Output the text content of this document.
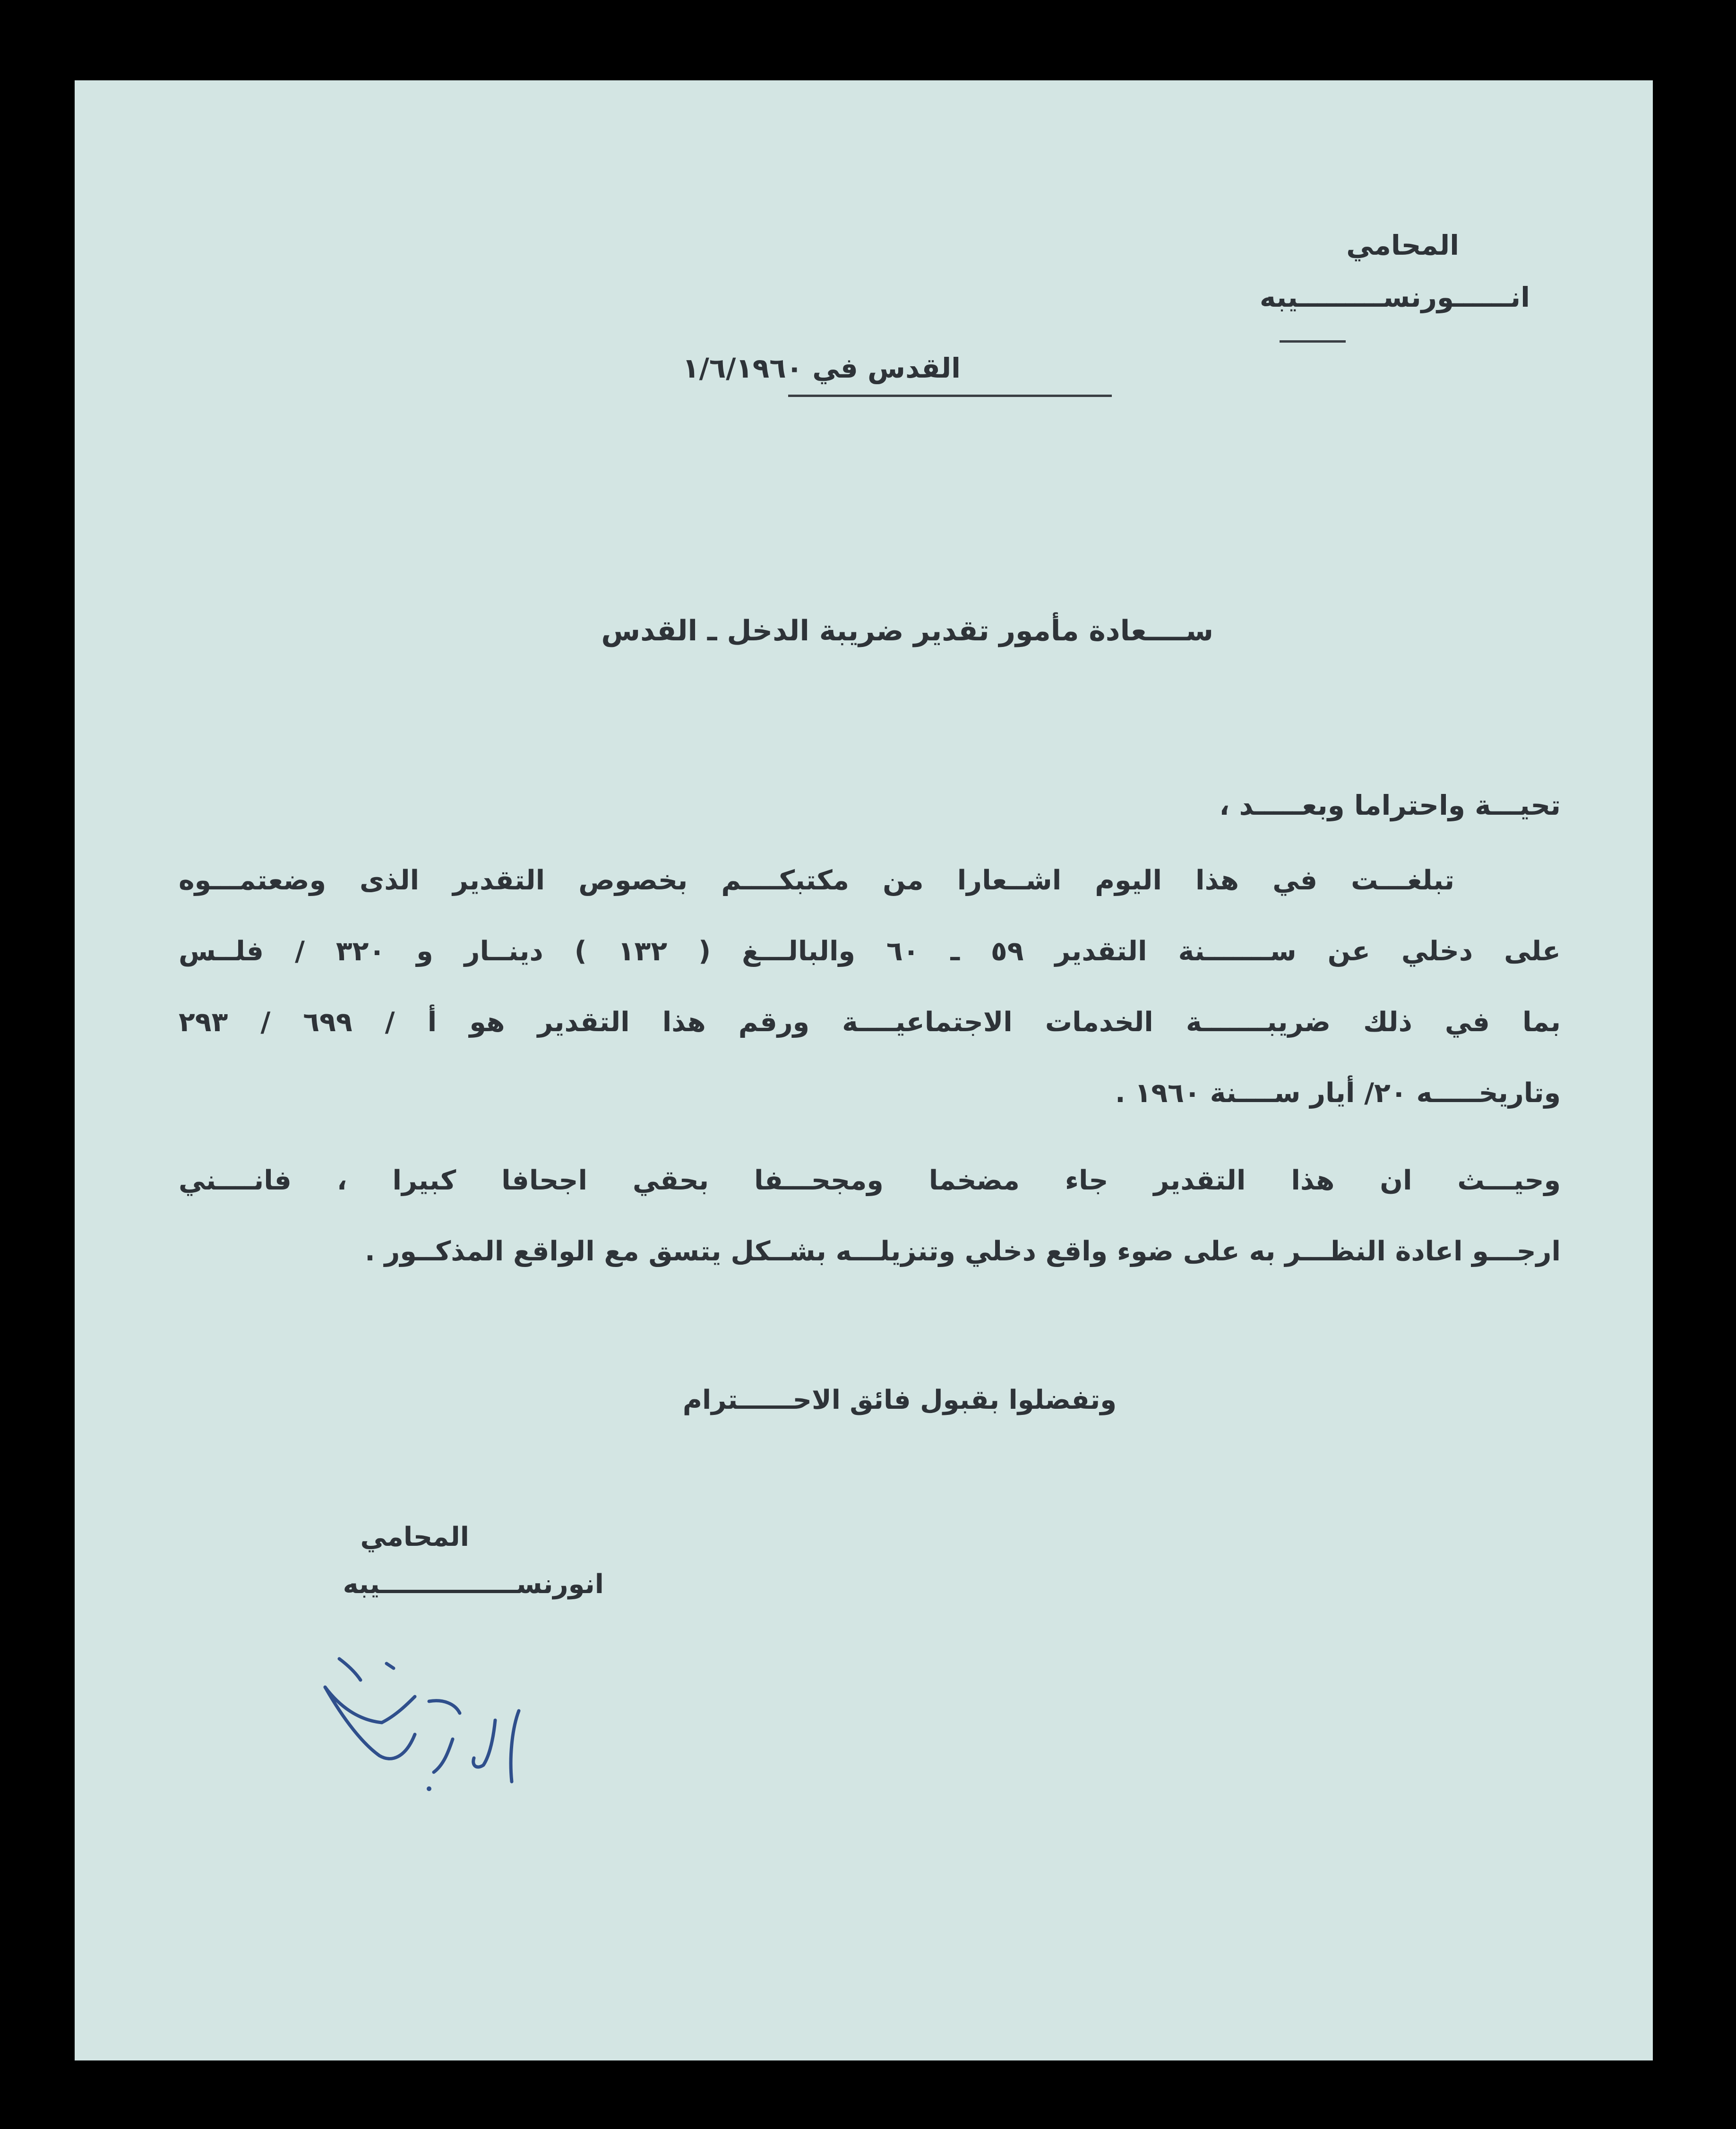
المحامي
انــــــورنســـــــــيبه
القدس في ١/٦/١٩٦٠
ســــعادة مأمور تقدير ضريبة الدخل ـ القدس
تحيـــة واحتراما وبعـــــد ،
تبلغـــت في هذا اليوم اشــعارا من مكتبكــــم بخصوص التقدير الذى وضعتمـــوه
على دخلي عن ســـــــنة التقدير ٥٩ ـ ٦٠ والبالـــغ ( ١٣٢ ) دينــار و ٣٢٠ / فلــس
بما في ذلك ضريبـــــــة الخدمات الاجتماعيــــة ورقم هذا التقدير هو أ / ٦٩٩ / ٢٩٣
وتاريخـــــه ٢٠/ أيار ســــنة ١٩٦٠ .
وحيـــث ان هذا التقدير جاء مضخما ومجحـــفا بحقي اجحافا كبيرا ، فانــــني
ارجـــو اعادة النظـــر به على ضوء واقع دخلي وتنزيلـــه بشــكل يتسق مع الواقع المذكــور .
وتفضلوا بقبول فائق الاحــــــترام
المحامي
انورنســـــــــــــــيبه
